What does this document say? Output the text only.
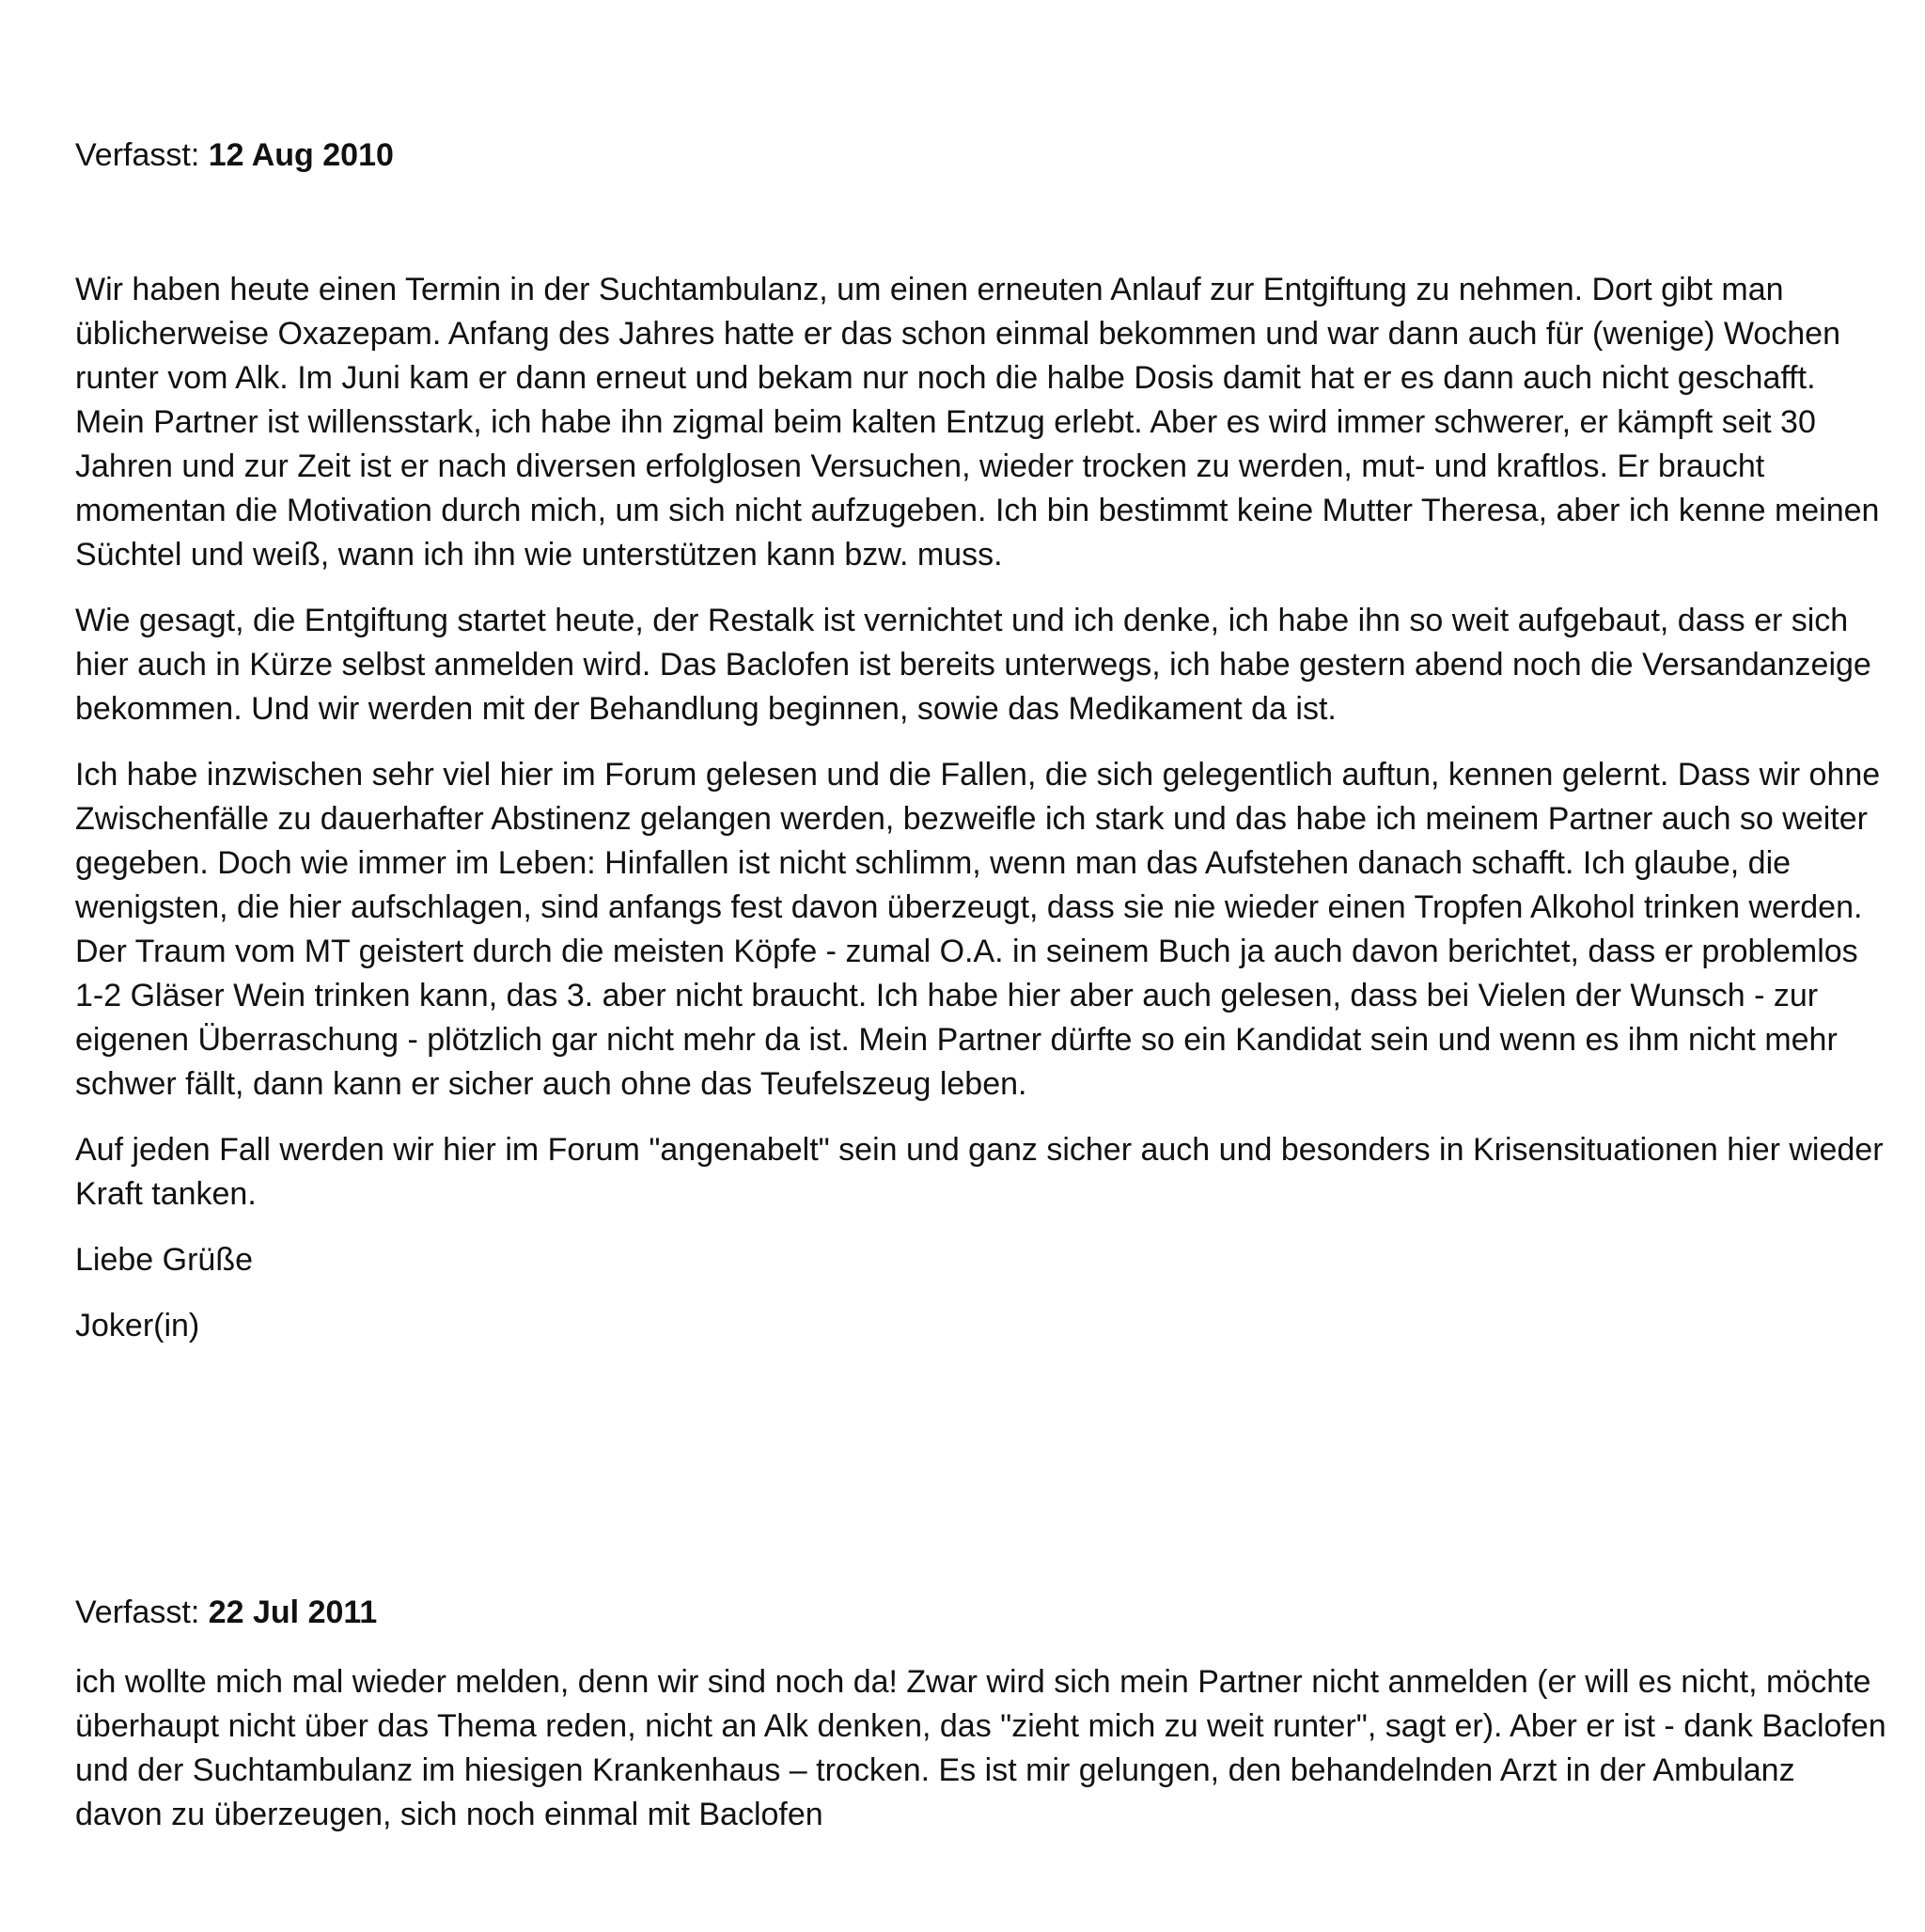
Verfasst: 12 Aug 2010

Wir haben heute einen Termin in der Suchtambulanz, um einen erneuten Anlauf zur Entgiftung zu nehmen. Dort gibt man üblicherweise Oxazepam. Anfang des Jahres hatte er das schon einmal bekommen und war dann auch für (wenige) Wochen runter vom Alk. Im Juni kam er dann erneut und bekam nur noch die halbe Dosis damit hat er es dann auch nicht geschafft. Mein Partner ist willensstark, ich habe ihn zigmal beim kalten Entzug erlebt. Aber es wird immer schwerer, er kämpft seit 30 Jahren und zur Zeit ist er nach diversen erfolglosen Versuchen, wieder trocken zu werden, mut- und kraftlos. Er braucht momentan die Motivation durch mich, um sich nicht aufzugeben. Ich bin bestimmt keine Mutter Theresa, aber ich kenne meinen Süchtel und weiß, wann ich ihn wie unterstützen kann bzw. muss.

Wie gesagt, die Entgiftung startet heute, der Restalk ist vernichtet und ich denke, ich habe ihn so weit aufgebaut, dass er sich hier auch in Kürze selbst anmelden wird. Das Baclofen ist bereits unterwegs, ich habe gestern abend noch die Versandanzeige bekommen. Und wir werden mit der Behandlung beginnen, sowie das Medikament da ist.

Ich habe inzwischen sehr viel hier im Forum gelesen und die Fallen, die sich gelegentlich auftun, kennen gelernt. Dass wir ohne Zwischenfälle zu dauerhafter Abstinenz gelangen werden, bezweifle ich stark und das habe ich meinem Partner auch so weiter gegeben. Doch wie immer im Leben: Hinfallen ist nicht schlimm, wenn man das Aufstehen danach schafft. Ich glaube, die wenigsten, die hier aufschlagen, sind anfangs fest davon überzeugt, dass sie nie wieder einen Tropfen Alkohol trinken werden. Der Traum vom MT geistert durch die meisten Köpfe - zumal O.A. in seinem Buch ja auch davon berichtet, dass er problemlos 1-2 Gläser Wein trinken kann, das 3. aber nicht braucht. Ich habe hier aber auch gelesen, dass bei Vielen der Wunsch - zur eigenen Überraschung - plötzlich gar nicht mehr da ist. Mein Partner dürfte so ein Kandidat sein und wenn es ihm nicht mehr schwer fällt, dann kann er sicher auch ohne das Teufelszeug leben.

Auf jeden Fall werden wir hier im Forum "angenabelt" sein und ganz sicher auch und besonders in Krisensituationen hier wieder Kraft tanken.

Liebe Grüße

Joker(in)

Verfasst: 22 Jul 2011

ich wollte mich mal wieder melden, denn wir sind noch da! Zwar wird sich mein Partner nicht anmelden (er will es nicht, möchte überhaupt nicht über das Thema reden, nicht an Alk denken, das "zieht mich zu weit runter", sagt er). Aber er ist - dank Baclofen und der Suchtambulanz im hiesigen Krankenhaus – trocken. Es ist mir gelungen, den behandelnden Arzt in der Ambulanz davon zu überzeugen, sich noch einmal mit Baclofen
